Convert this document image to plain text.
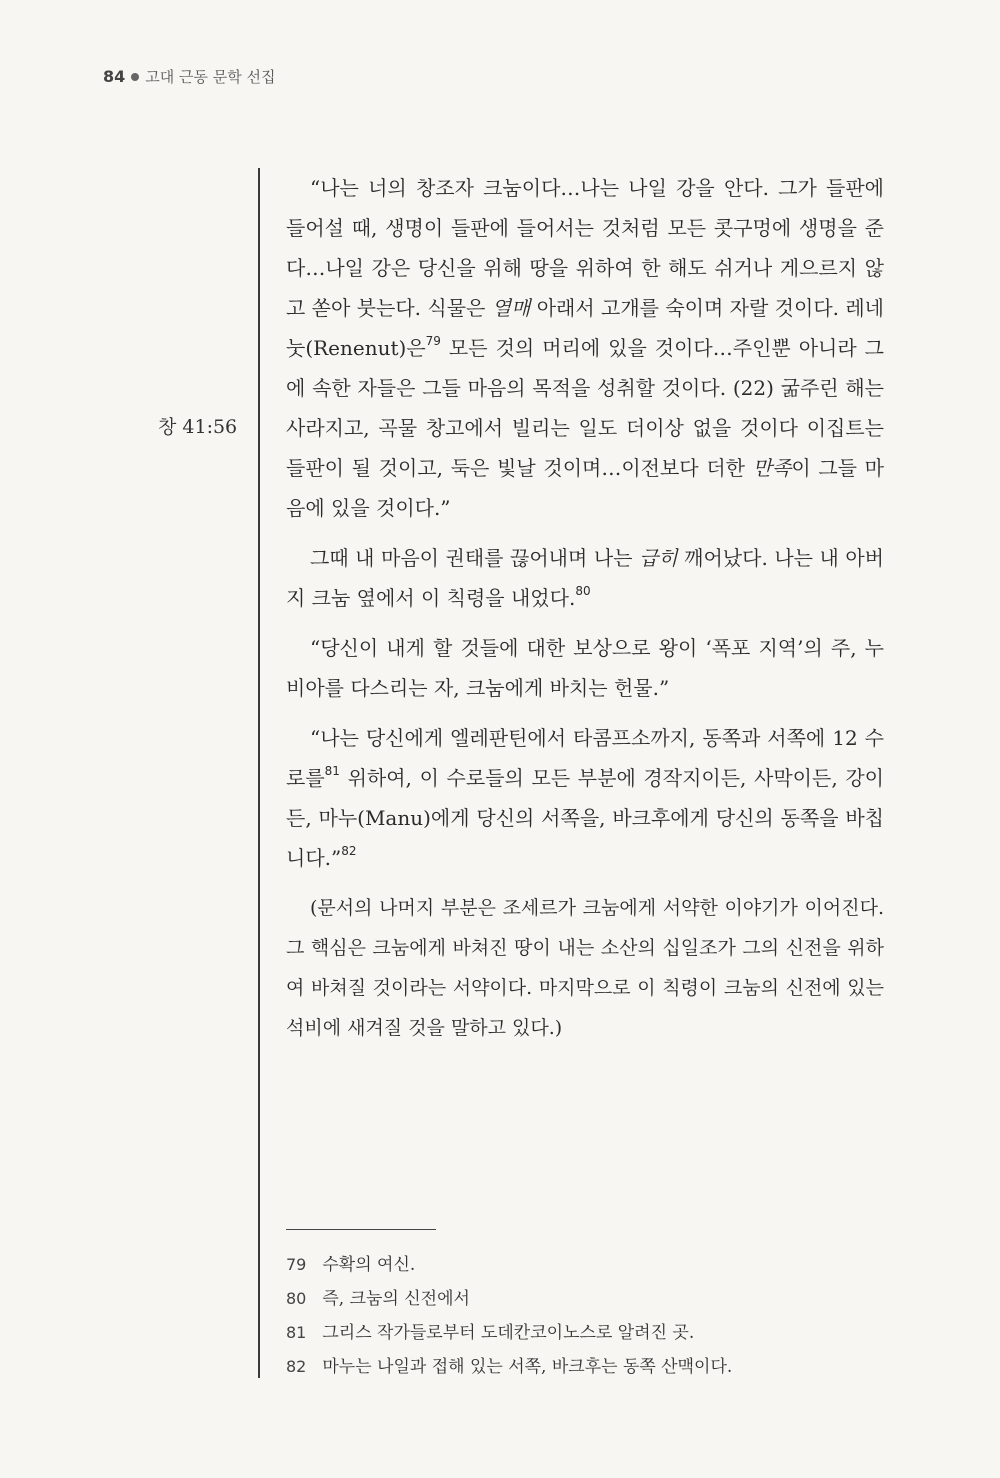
84 고대 근동 문학 선집
창 41:56

“나는 너의 창조자 크눔이다…나는 나일 강을 안다. 그가 들판에 들어설 때, 생명이 들판에 들어서는 것처럼 모든 콧구멍에 생명을 준다…나일 강은 당신을 위해 땅을 위하여 한 해도 쉬거나 게으르지 않고 쏟아 붓는다. 식물은 열매 아래서 고개를 숙이며 자랄 것이다. 레네눗(Renenut)은$^{79}$ 모든 것의 머리에 있을 것이다…주인뿐 아니라 그에 속한 자들은 그들 마음의 목적을 성취할 것이다. (22) 굶주린 해는 사라지고, 곡물 창고에서 빌리는 일도 더이상 없을 것이다 이집트는 들판이 될 것이고, 둑은 빛날 것이며…이전보다 더한 만족이 그들 마음에 있을 것이다.”

그때 내 마음이 권태를 끊어내며 나는 급히 깨어났다. 나는 내 아버지 크눔 옆에서 이 칙령을 내었다.$^{80}$

“당신이 내게 할 것들에 대한 보상으로 왕이 ‘폭포 지역’의 주, 누비아를 다스리는 자, 크눔에게 바치는 헌물.”

“나는 당신에게 엘레판틴에서 타콤프소까지, 동쪽과 서쪽에 12 수로를$^{81}$ 위하여, 이 수로들의 모든 부분에 경작지이든, 사막이든, 강이든, 마누(Manu)에게 당신의 서쪽을, 바크후에게 당신의 동쪽을 바칩니다.”$^{82}$

(문서의 나머지 부분은 조세르가 크눔에게 서약한 이야기가 이어진다. 그 핵심은 크눔에게 바쳐진 땅이 내는 소산의 십일조가 그의 신전을 위하여 바쳐질 것이라는 서약이다. 마지막으로 이 칙령이 크눔의 신전에 있는 석비에 새겨질 것을 말하고 있다.)

79 수확의 여신.
80 즉, 크눔의 신전에서
81 그리스 작가들로부터 도데칸코이노스로 알려진 곳.
82 마누는 나일과 접해 있는 서쪽, 바크후는 동쪽 산맥이다.
